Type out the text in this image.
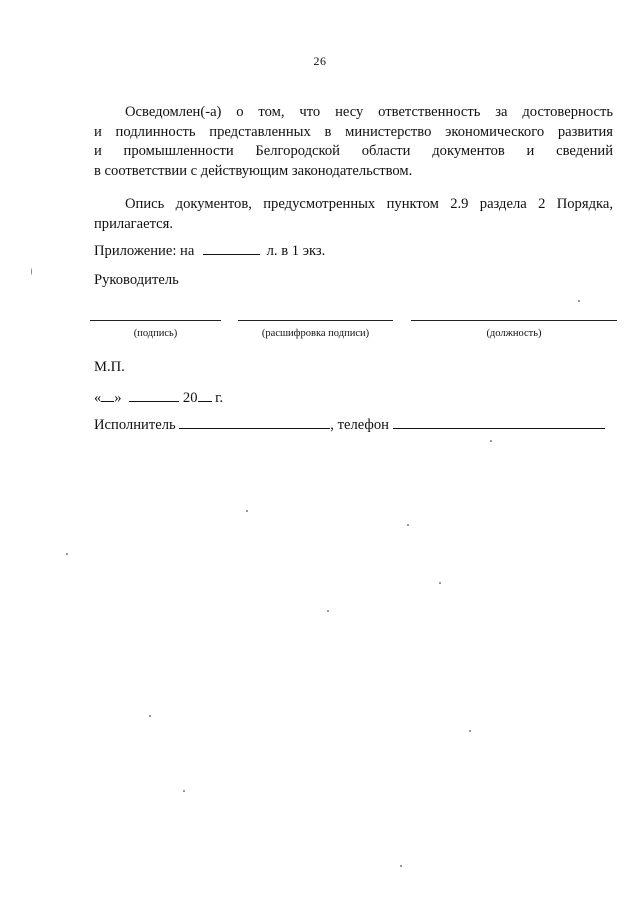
26

Осведомлен(-а) о том, что несу ответственность за достоверность
и подлинность представленных в министерство экономического развития
и промышленности Белгородской области документов и сведений
в соответствии с действующим законодательством.

Опись документов, предусмотренных пунктом 2.9 раздела 2 Порядка,
прилагается.

Приложение: на	л. в 1 экз.
Руководитель
(подпись)	(расшифровка подписи)	(должность)
М.П.
« »	20 г.
Исполнитель	, телефон
